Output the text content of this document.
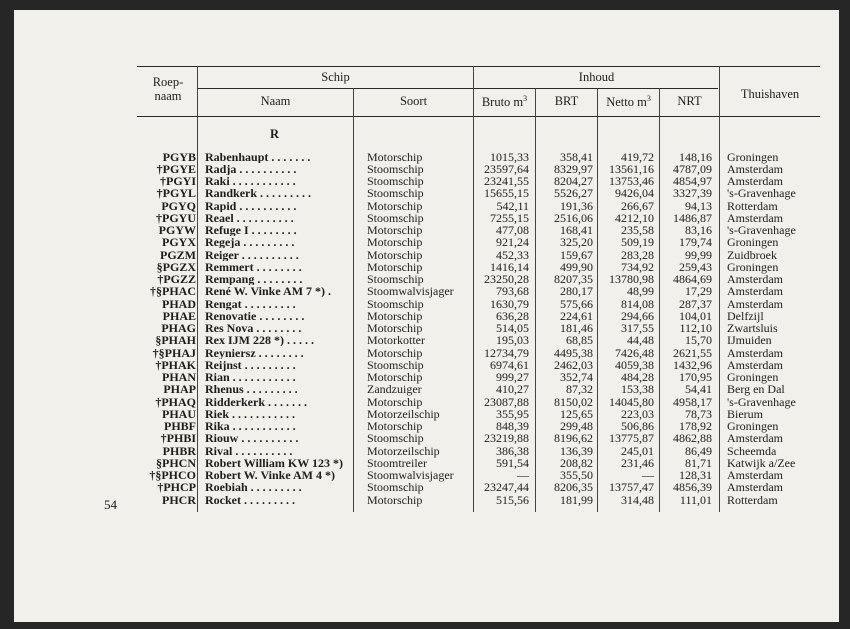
Roep-
naam
Schip
Naam	Soort
Inhoud
Bruto $m^3$	BRT	Netto $m^3$	NRT	Thuishaven
R
PGYB Rabenhaupt . . . . . . .	Motorschip	1015,33	358,41	419,72	148,16 Groningen
†PGYE Radja . . . . . . . . . .	Stoomschip	23597,64	8329,97	13561,16	4787,09 Amsterdam
†PGYI Raki . . . . . . . . . . .	Stoomschip	23241,55	8204,27	13753,46	4854,97 Amsterdam
†PGYL Randkerk . . . . . . . . .	Stoomschip	15655,15	5526,27	9426,04	3327,39 's-Gravenhage
PGYQ Rapid . . . . . . . . . .	Motorschip	542,11	191,36	266,67	94,13 Rotterdam
†PGYU Reael . . . . . . . . . .	Stoomschip	7255,15	2516,06	4212,10	1486,87 Amsterdam
PGYW Refuge I . . . . . . . .	Motorschip	477,08	168,41	235,58	83,16 's-Gravenhage
PGYX Regeja . . . . . . . . .	Motorschip	921,24	325,20	509,19	179,74 Groningen
PGZM Reiger . . . . . . . . . .	Motorschip	452,33	159,67	283,28	99,99 Zuidbroek
§PGZX Remmert . . . . . . . .	Motorschip	1416,14	499,90	734,92	259,43 Groningen
†PGZZ Rempang . . . . . . . .	Stoomschip	23250,28	8207,35	13780,98	4864,69 Amsterdam
†§PHAC René W. Vinke AM 7 *) .	Stoomwalvisjager	793,68	280,17	48,99	17,29 Amsterdam
PHAD Rengat . . . . . . . . .	Stoomschip	1630,79	575,66	814,08	287,37 Amsterdam
PHAE Renovatie . . . . . . . .	Motorschip	636,28	224,61	294,66	104,01 Delfzijl
PHAG Res Nova . . . . . . . .	Motorschip	514,05	181,46	317,55	112,10 Zwartsluis
§PHAH Rex IJM 228 *) . . . . .	Motorkotter	195,03	68,85	44,48	15,70 IJmuiden
†§PHAJ Reyniersz . . . . . . . .	Motorschip	12734,79	4495,38	7426,48	2621,55 Amsterdam
†PHAK Reijnst . . . . . . . . .	Stoomschip	6974,61	2462,03	4059,38	1432,96 Amsterdam
PHAN Rian . . . . . . . . . . .	Motorschip	999,27	352,74	484,28	170,95 Groningen
PHAP Rhenus . . . . . . . . .	Zandzuiger	410,27	87,32	153,38	54,41 Berg en Dal
†PHAQ Ridderkerk . . . . . . .	Motorschip	23087,88	8150,02	14045,80	4958,17 's-Gravenhage
PHAU Riek . . . . . . . . . . .	Motorzeilschip	355,95	125,65	223,03	78,73 Bierum
PHBF Rika . . . . . . . . . . .	Motorschip	848,39	299,48	506,86	178,92 Groningen
†PHBI Riouw . . . . . . . . . .	Stoomschip	23219,88	8196,62	13775,87	4862,88 Amsterdam
PHBR Rival . . . . . . . . . .	Motorzeilschip	386,38	136,39	245,01	86,49 Scheemda
§PHCN Robert William KW 123 *)	Stoomtreiler	591,54	208,82	231,46	81,71 Katwijk a/Zee
†§PHCO Robert W. Vinke AM 4 *)	Stoomwalvisjager	—	355,50	—	128,31 Amsterdam
†PHCP Roebiah . . . . . . . . .	Stoomschip	23247,44	8206,35	13757,47	4856,39 Amsterdam
PHCR Rocket . . . . . . . . .	Motorschip	515,56	181,99	314,48	111,01 Rotterdam
54
